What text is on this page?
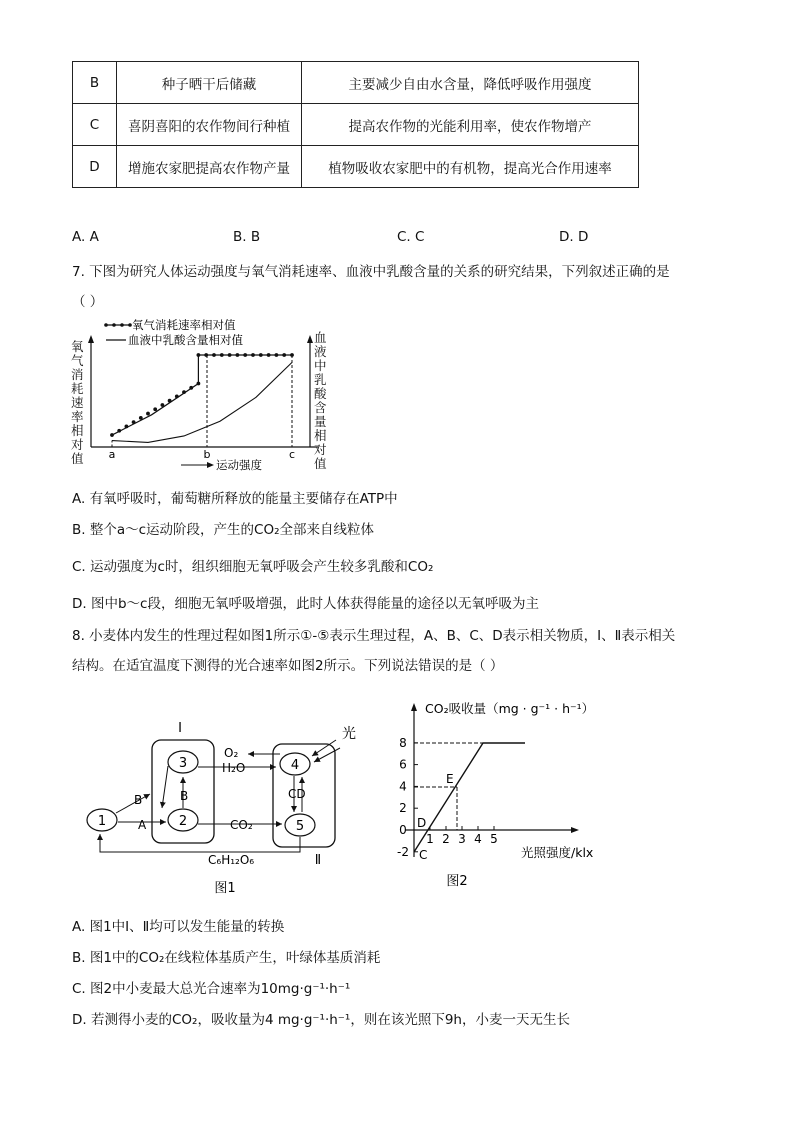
B	种子晒干后储藏	主要减少自由水含量，降低呼吸作用强度
C	喜阴喜阳的农作物间行种植	提高农作物的光能利用率，使农作物增产
D	增施农家肥提高农作物产量	植物吸收农家肥中的有机物，提高光合作用速率
A. A	B. B	C. C	D. D
7. 下图为研究人体运动强度与氧气消耗速率、血液中乳酸含量的关系的研究结果，下列叙述正确的是
（ ）
氧气消耗速率相对值
血液中乳酸含量相对值
a	b	c
运动强度
氧
气
消
耗
速
率
相
对
值
血
液
中
乳
酸
含
量
相
对
值
A. 有氧呼吸时，葡萄糖所释放的能量主要储存在ATP中
B. 整个a～c运动阶段，产生的CO₂全部来自线粒体
C. 运动强度为c时，组织细胞无氧呼吸会产生较多乳酸和CO₂
D. 图中b～c段，细胞无氧呼吸增强，此时人体获得能量的途径以无氧呼吸为主
8. 小麦体内发生的性理过程如图1所示①-⑤表示生理过程，A、B、C、D表示相关物质，I、Ⅱ表示相关
结构。在适宜温度下测得的光合速率如图2所示。下列说法错误的是（ ）
I
Ⅱ
1	2
3	4
5
B
A
B
H₂O
O₂
CO₂
CD
C₆H₁₂O₆
光
图1
CO₂吸收量（mg · g⁻¹ · h⁻¹）
8
6
4
2
0
-2
1 2 3 4 5
D
E
C	光照强度/klx
图2
A. 图1中I、Ⅱ均可以发生能量的转换
B. 图1中的CO₂在线粒体基质产生，叶绿体基质消耗
C. 图2中小麦最大总光合速率为10mg·g⁻¹·h⁻¹
D. 若测得小麦的CO₂，吸收量为4 mg·g⁻¹·h⁻¹，则在该光照下9h，小麦一天无生长
